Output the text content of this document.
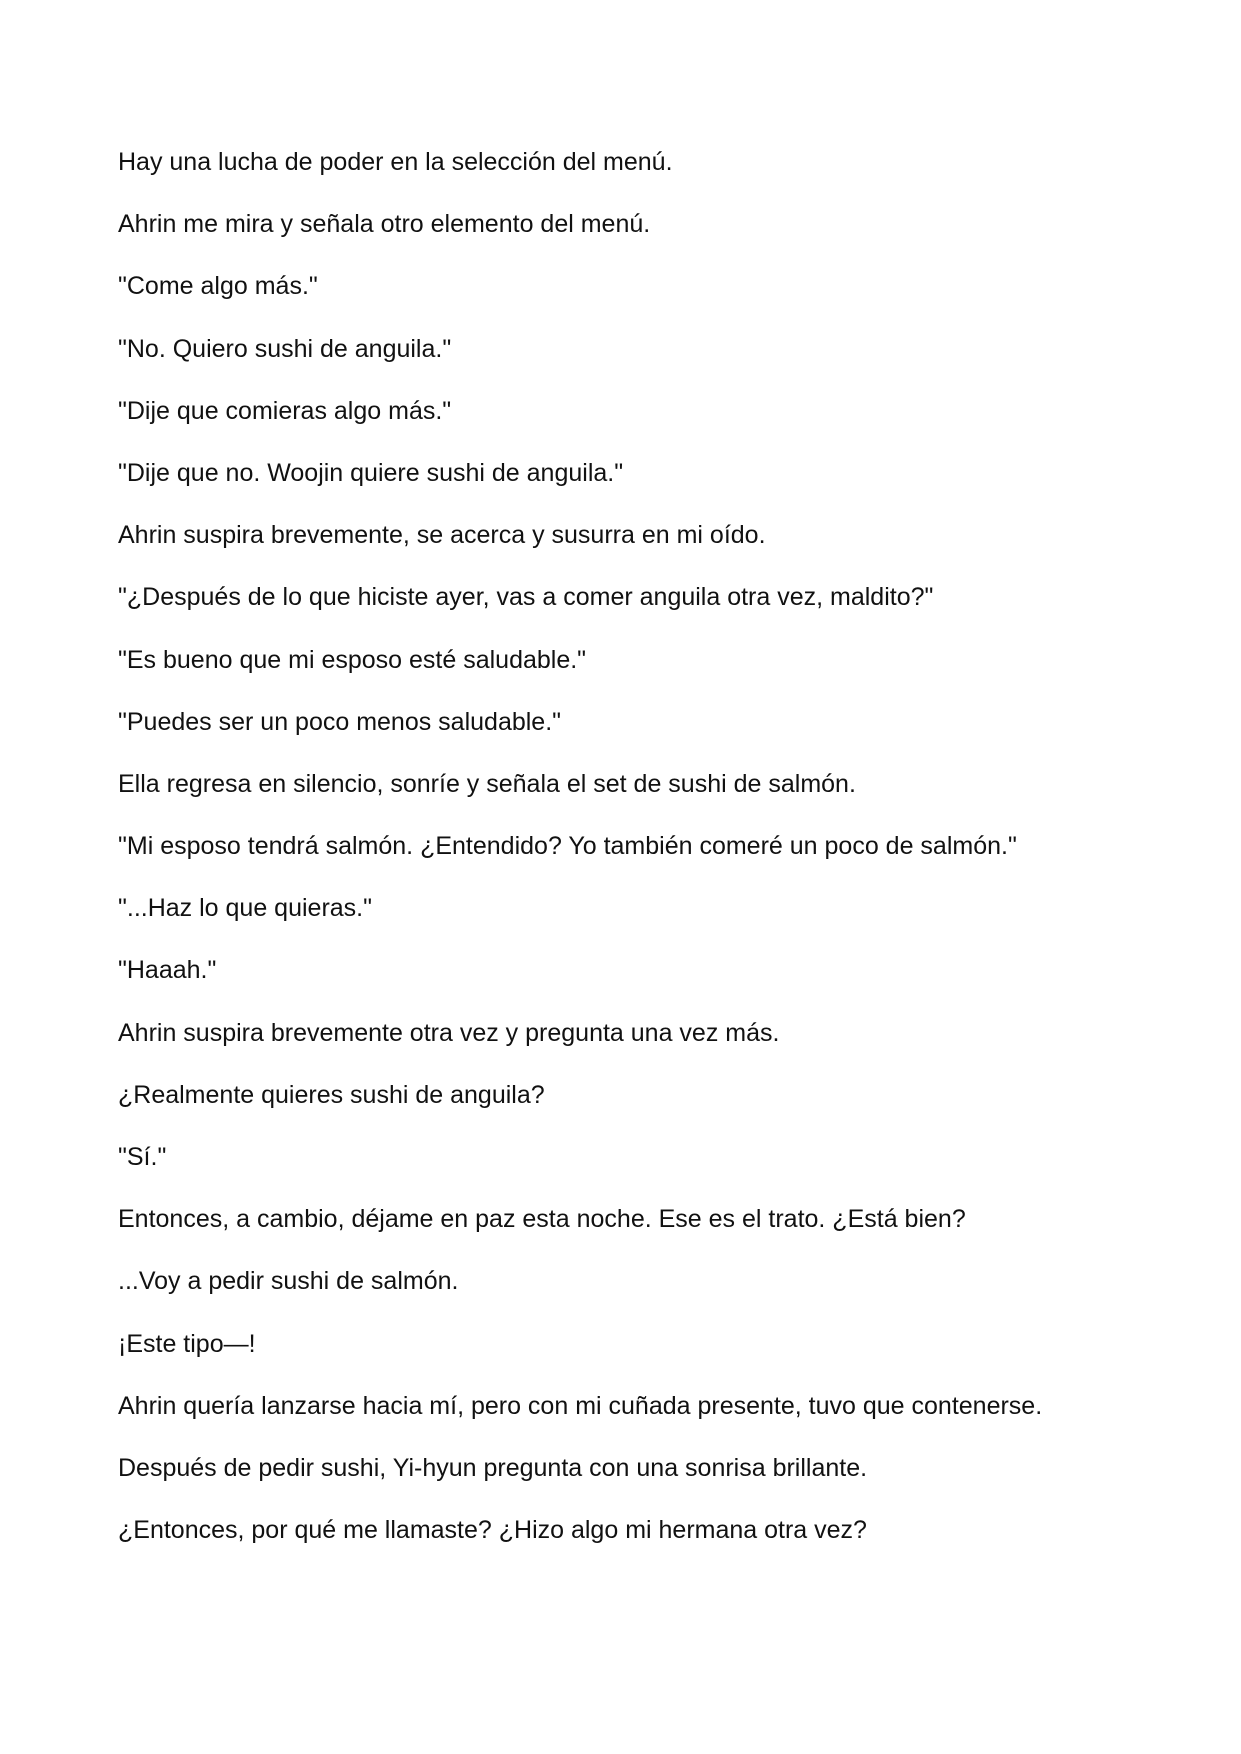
Hay una lucha de poder en la selección del menú.

Ahrin me mira y señala otro elemento del menú.

"Come algo más."

"No. Quiero sushi de anguila."

"Dije que comieras algo más."

"Dije que no. Woojin quiere sushi de anguila."

Ahrin suspira brevemente, se acerca y susurra en mi oído.

"¿Después de lo que hiciste ayer, vas a comer anguila otra vez, maldito?"

"Es bueno que mi esposo esté saludable."

"Puedes ser un poco menos saludable."

Ella regresa en silencio, sonríe y señala el set de sushi de salmón.

"Mi esposo tendrá salmón. ¿Entendido? Yo también comeré un poco de salmón."

"...Haz lo que quieras."

"Haaah."

Ahrin suspira brevemente otra vez y pregunta una vez más.

¿Realmente quieres sushi de anguila?

"Sí."

Entonces, a cambio, déjame en paz esta noche. Ese es el trato. ¿Está bien?

...Voy a pedir sushi de salmón.

¡Este tipo—!

Ahrin quería lanzarse hacia mí, pero con mi cuñada presente, tuvo que contenerse.

Después de pedir sushi, Yi-hyun pregunta con una sonrisa brillante.

¿Entonces, por qué me llamaste? ¿Hizo algo mi hermana otra vez?
